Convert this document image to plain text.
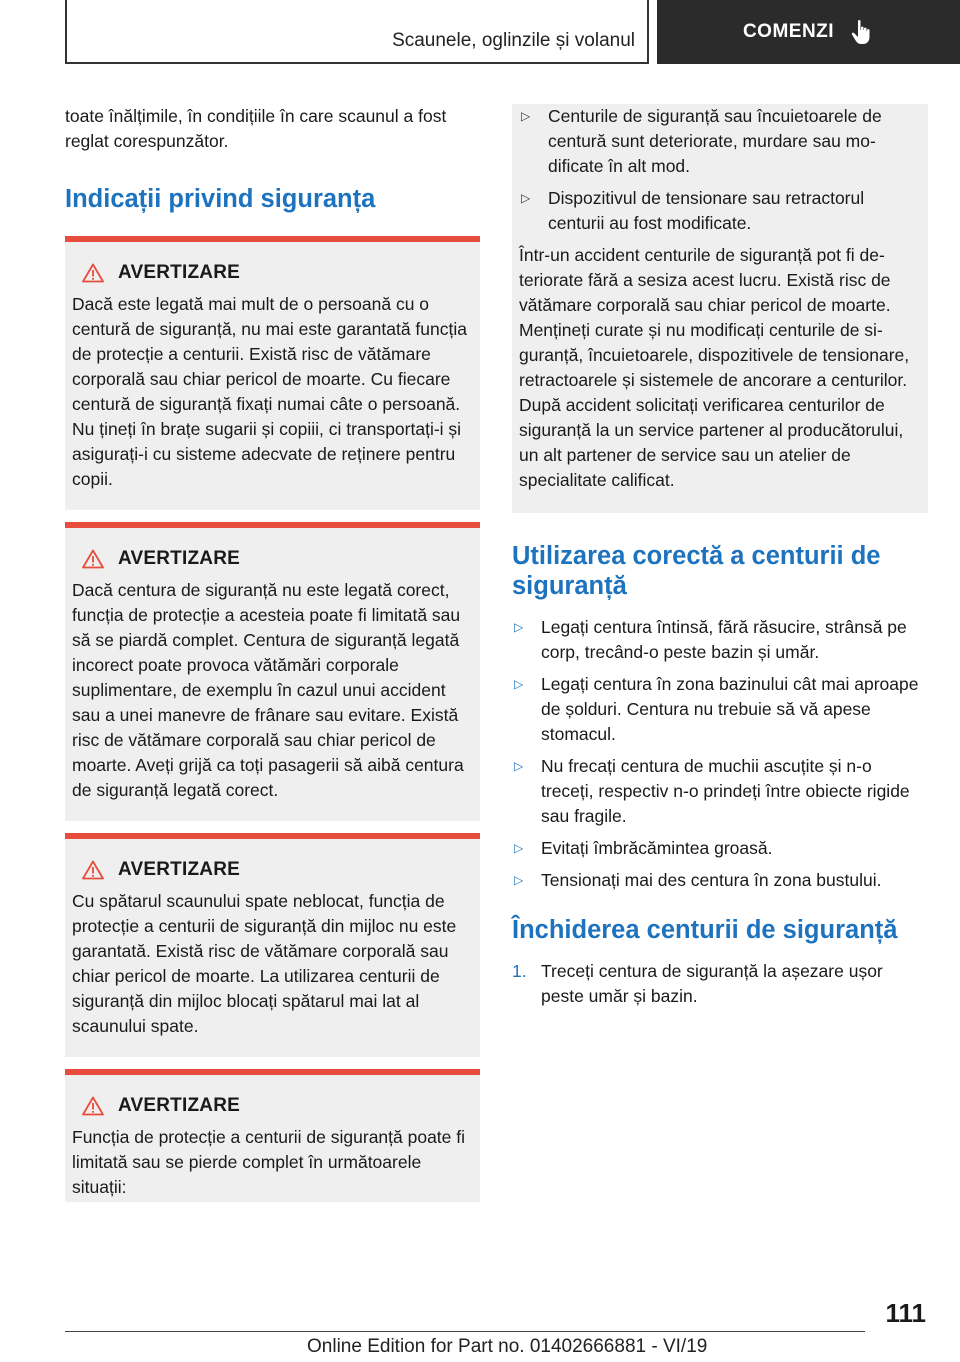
Scaunele, oglinzile și volanul	COMENZI

toate înălțimile, în condițiile în care scaunul a fost reglat corespunzător.

Indicații privind siguranța
AVERTIZARE

Dacă este legată mai mult de o persoană cu o centură de siguranță, nu mai este garantată funcția de protecție a centurii. Există risc de vătămare corporală sau chiar pericol de moarte. Cu fiecare centură de siguranță fixați numai câte o persoană. Nu țineți în brațe sugarii și copiii, ci transportați-i și asigurați-i cu sisteme adecvate de reținere pentru copii.

AVERTIZARE

Dacă centura de siguranță nu este legată corect, funcția de protecție a acesteia poate fi limitată sau să se piardă complet. Centura de siguranță legată incorect poate provoca vătămări corporale suplimentare, de exemplu în cazul unui accident sau a unei manevre de frânare sau evitare. Există risc de vătămare corporală sau chiar pericol de moarte. Aveți grijă ca toți pasagerii să aibă centura de siguranță legată corect.

AVERTIZARE

Cu spătarul scaunului spate neblocat, funcția de protecție a centurii de siguranță din mijloc nu este garantată. Există risc de vătămare corporală sau chiar pericol de moarte. La utilizarea centurii de siguranță din mijloc blocați spătarul mai lat al scaunului spate.

AVERTIZARE

Funcția de protecție a centurii de siguranță poate fi limitată sau se pierde complet în următoarele situații:

▷ Centurile de siguranță sau încuietoarele de centură sunt deteriorate, murdare sau modificate în alt mod.
▷ Dispozitivul de tensionare sau retractorul centurii au fost modificate.

Într-un accident centurile de siguranță pot fi deteriorate fără a sesiza acest lucru. Există risc de vătămare corporală sau chiar pericol de moarte. Mențineți curate și nu modificați centurile de siguranță, încuietoarele, dispozitivele de tensionare, retractoarele și sistemele de ancorare a centurilor. După accident solicitați verificarea centurilor de siguranță la un service partener al producătorului, un alt partener de service sau un atelier de specialitate calificat.

Utilizarea corectă a centurii de siguranță
▷ Legați centura întinsă, fără răsucire, strânsă pe corp, trecând-o peste bazin și umăr.
▷ Legați centura în zona bazinului cât mai aproape de șolduri. Centura nu trebuie să vă apese stomacul.
▷ Nu frecați centura de muchii ascuțite și n-o treceți, respectiv n-o prindeți între obiecte rigide sau fragile.
▷ Evitați îmbrăcămintea groasă.
▷ Tensionați mai des centura în zona bustului.
Închiderea centurii de siguranță
1. Treceți centura de siguranță la așezare ușor peste umăr și bazin.
111
Online Edition for Part no. 01402666881 - VI/19
